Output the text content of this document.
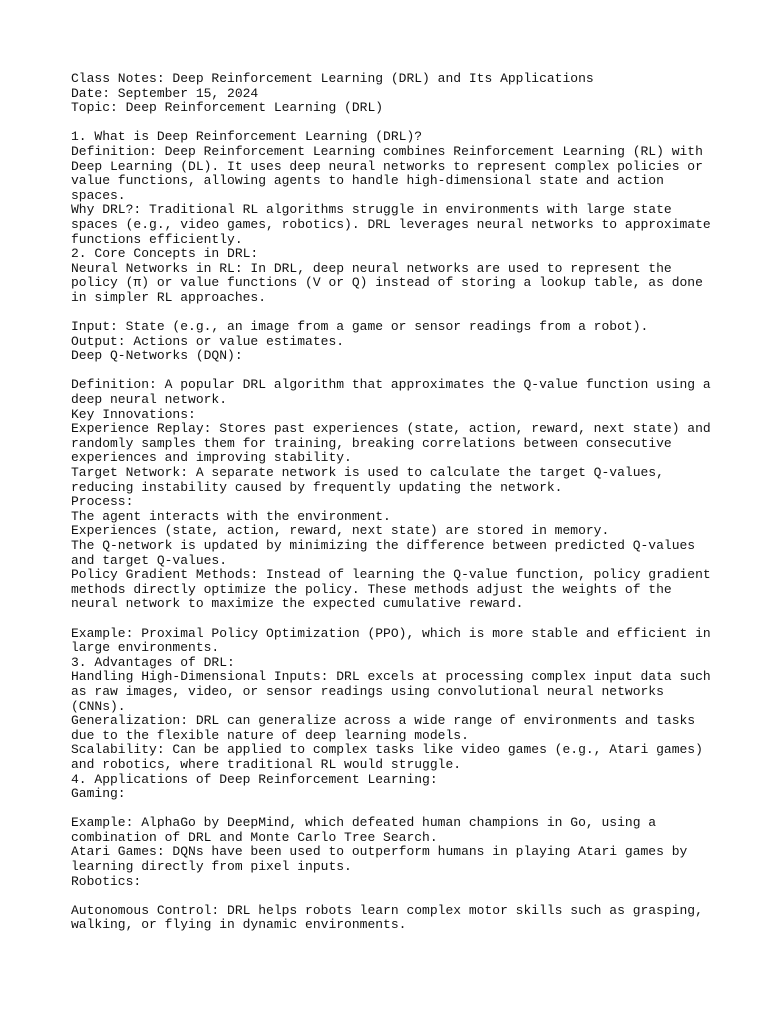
Class Notes: Deep Reinforcement Learning (DRL) and Its Applications
Date: September 15, 2024
Topic: Deep Reinforcement Learning (DRL)
1. What is Deep Reinforcement Learning (DRL)?
Definition: Deep Reinforcement Learning combines Reinforcement Learning (RL) with
Deep Learning (DL). It uses deep neural networks to represent complex policies or
value functions, allowing agents to handle high-dimensional state and action
spaces.
Why DRL?: Traditional RL algorithms struggle in environments with large state
spaces (e.g., video games, robotics). DRL leverages neural networks to approximate
functions efficiently.
2. Core Concepts in DRL:
Neural Networks in RL: In DRL, deep neural networks are used to represent the
policy (π) or value functions (V or Q) instead of storing a lookup table, as done
in simpler RL approaches.
Input: State (e.g., an image from a game or sensor readings from a robot).
Output: Actions or value estimates.
Deep Q-Networks (DQN):
Definition: A popular DRL algorithm that approximates the Q-value function using a
deep neural network.
Key Innovations:
Experience Replay: Stores past experiences (state, action, reward, next state) and
randomly samples them for training, breaking correlations between consecutive
experiences and improving stability.
Target Network: A separate network is used to calculate the target Q-values,
reducing instability caused by frequently updating the network.
Process:
The agent interacts with the environment.
Experiences (state, action, reward, next state) are stored in memory.
The Q-network is updated by minimizing the difference between predicted Q-values
and target Q-values.
Policy Gradient Methods: Instead of learning the Q-value function, policy gradient
methods directly optimize the policy. These methods adjust the weights of the
neural network to maximize the expected cumulative reward.
Example: Proximal Policy Optimization (PPO), which is more stable and efficient in
large environments.
3. Advantages of DRL:
Handling High-Dimensional Inputs: DRL excels at processing complex input data such
as raw images, video, or sensor readings using convolutional neural networks
(CNNs).
Generalization: DRL can generalize across a wide range of environments and tasks
due to the flexible nature of deep learning models.
Scalability: Can be applied to complex tasks like video games (e.g., Atari games)
and robotics, where traditional RL would struggle.
4. Applications of Deep Reinforcement Learning:
Gaming:
Example: AlphaGo by DeepMind, which defeated human champions in Go, using a
combination of DRL and Monte Carlo Tree Search.
Atari Games: DQNs have been used to outperform humans in playing Atari games by
learning directly from pixel inputs.
Robotics:
Autonomous Control: DRL helps robots learn complex motor skills such as grasping,
walking, or flying in dynamic environments.
